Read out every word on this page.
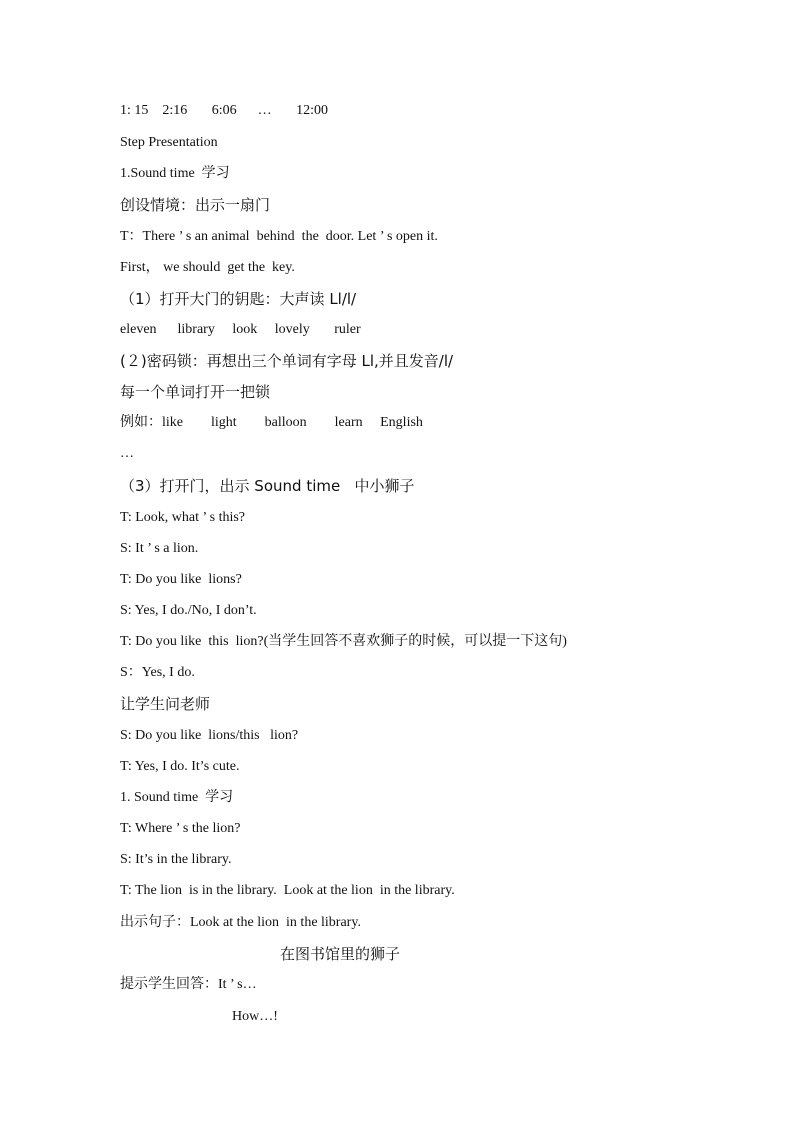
1: 15    2:16       6:06      …       12:00
Step Presentation
1.Sound time  学习
创设情境：出示一扇门
T：There ’ s an animal  behind  the  door. Let ’ s open it.
First， we should  get the  key.
（1）打开大门的钥匙：大声读 Ll/l/
eleven      library     look     lovely       ruler
(２)密码锁：再想出三个单词有字母 Ll,并且发音/l/
每一个单词打开一把锁
例如：like        light        balloon        learn     English
…
（3）打开门，出示 Sound time   中小狮子
T: Look, what ’ s this?
S: It ’ s a lion.
T: Do you like  lions?
S: Yes, I do./No, I don’t.
T: Do you like  this  lion?(当学生回答不喜欢狮子的时候，可以提一下这句)
S：Yes, I do.
让学生问老师
S: Do you like  lions/this   lion?
T: Yes, I do. It’s cute.
1. Sound time  学习
T: Where ’ s the lion?
S: It’s in the library.
T: The lion  is in the library.  Look at the lion  in the library.
出示句子：Look at the lion  in the library.
在图书馆里的狮子
提示学生回答：It ’ s…
How…!
